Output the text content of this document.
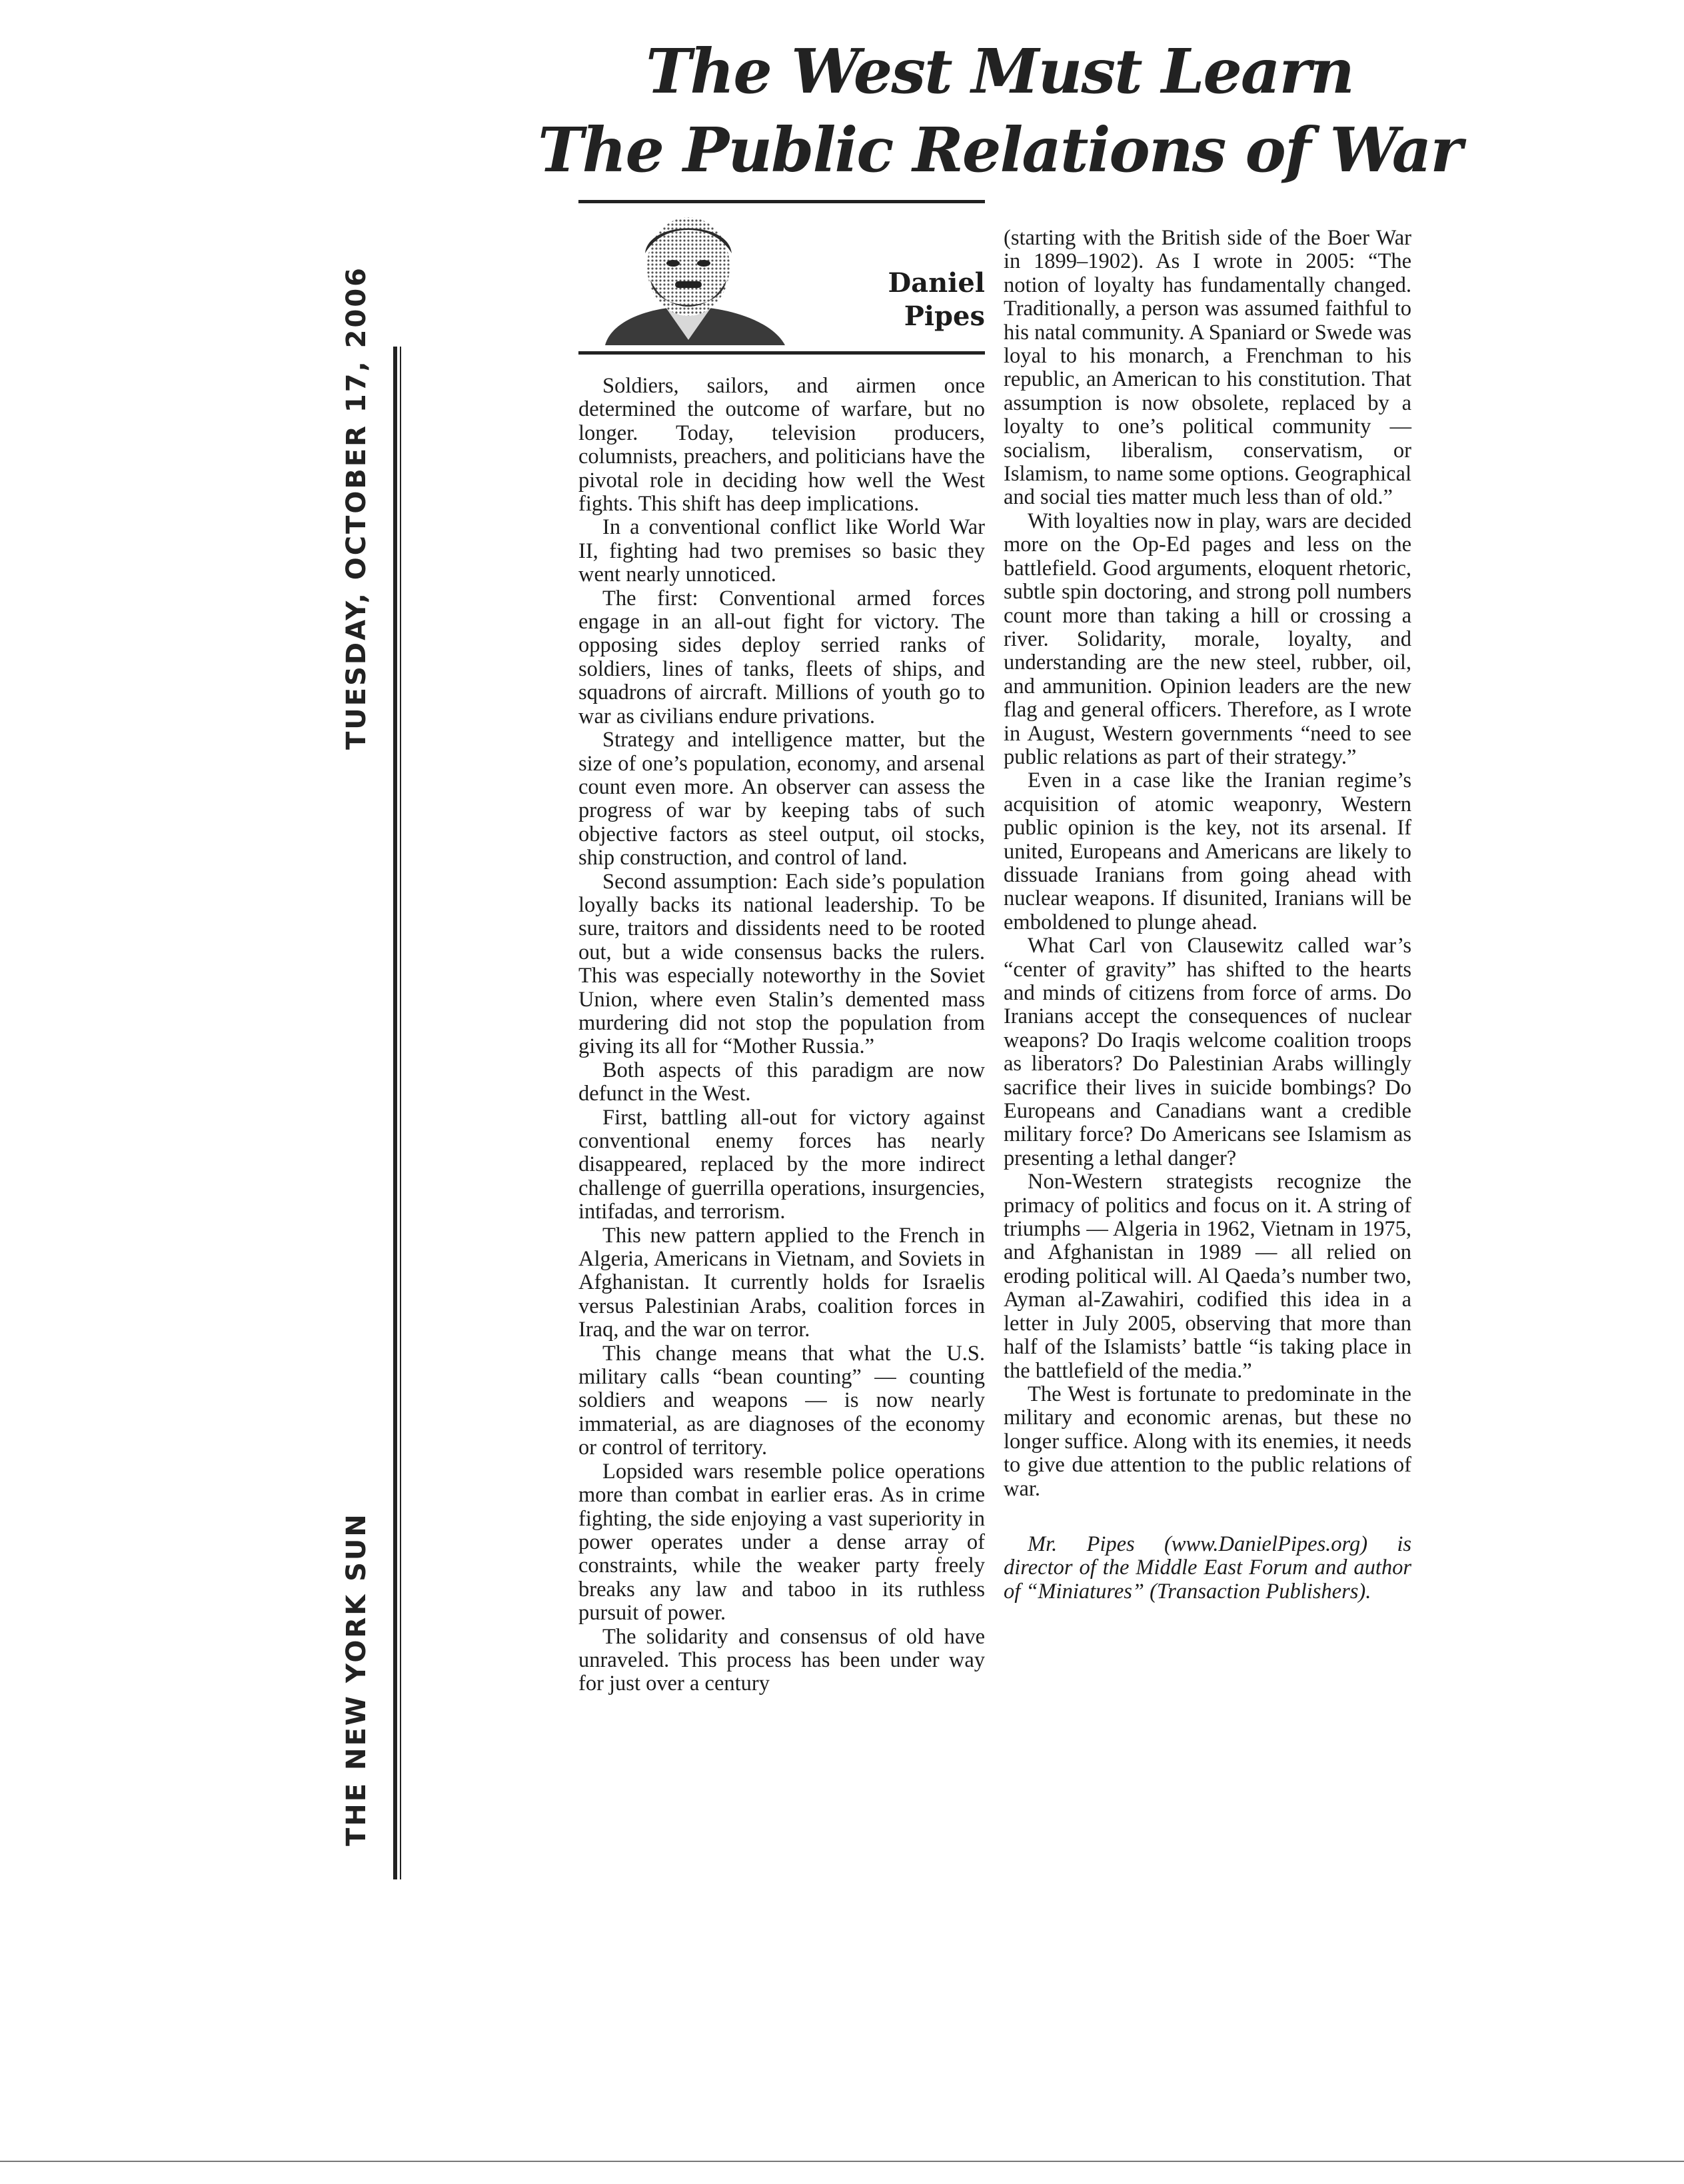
The West Must Learn
The Public Relations of War
TUESDAY, OCTOBER 17, 2006
THE NEW YORK SUN
Daniel
Pipes

Soldiers, sailors, and airmen once determined the outcome of warfare, but no longer. Today, television producers, columnists, preachers, and politicians have the pivotal role in deciding how well the West fights. This shift has deep implications.

In a conventional conflict like World War II, fighting had two premises so basic they went nearly unnoticed.

The first: Conventional armed forces engage in an all-out fight for victory. The opposing sides deploy serried ranks of soldiers, lines of tanks, fleets of ships, and squadrons of aircraft. Millions of youth go to war as civilians endure privations.

Strategy and intelligence matter, but the size of one’s population, economy, and arsenal count even more. An observer can assess the progress of war by keeping tabs of such objective factors as steel output, oil stocks, ship construction, and control of land.

Second assumption: Each side’s population loyally backs its national leadership. To be sure, traitors and dissidents need to be rooted out, but a wide consensus backs the rulers. This was especially noteworthy in the Soviet Union, where even Stalin’s demented mass murdering did not stop the population from giving its all for “Mother Russia.”

Both aspects of this paradigm are now defunct in the West.

First, battling all-out for victory against conventional enemy forces has nearly disappeared, replaced by the more indirect challenge of guerrilla operations, insurgencies, intifadas, and terrorism.

This new pattern applied to the French in Algeria, Americans in Vietnam, and Soviets in Afghanistan. It currently holds for Israelis versus Palestinian Arabs, coalition forces in Iraq, and the war on terror.

This change means that what the U.S. military calls “bean counting” — counting soldiers and weapons — is now nearly immaterial, as are diagnoses of the economy or control of territory.

Lopsided wars resemble police operations more than combat in earlier eras. As in crime fighting, the side enjoying a vast superiority in power operates under a dense array of constraints, while the weaker party freely breaks any law and taboo in its ruthless pursuit of power.

The solidarity and consensus of old have unraveled. This process has been under way for just over a century

(starting with the British side of the Boer War in 1899–1902). As I wrote in 2005: “The notion of loyalty has fundamentally changed. Traditionally, a person was assumed faithful to his natal community. A Spaniard or Swede was loyal to his monarch, a Frenchman to his republic, an American to his constitution. That assumption is now obsolete, replaced by a loyalty to one’s political community — socialism, liberalism, conservatism, or Islamism, to name some options. Geographical and social ties matter much less than of old.”

With loyalties now in play, wars are decided more on the Op-Ed pages and less on the battlefield. Good arguments, eloquent rhetoric, subtle spin doctoring, and strong poll numbers count more than taking a hill or crossing a river. Solidarity, morale, loyalty, and understanding are the new steel, rubber, oil, and ammunition. Opinion leaders are the new flag and general officers. Therefore, as I wrote in August, Western governments “need to see public relations as part of their strategy.”

Even in a case like the Iranian regime’s acquisition of atomic weaponry, Western public opinion is the key, not its arsenal. If united, Europeans and Americans are likely to dissuade Iranians from going ahead with nuclear weapons. If disunited, Iranians will be emboldened to plunge ahead.

What Carl von Clausewitz called war’s “center of gravity” has shifted to the hearts and minds of citizens from force of arms. Do Iranians accept the consequences of nuclear weapons? Do Iraqis welcome coalition troops as liberators? Do Palestinian Arabs willingly sacrifice their lives in suicide bombings? Do Europeans and Canadians want a credible military force? Do Americans see Islamism as presenting a lethal danger?

Non-Western strategists recognize the primacy of politics and focus on it. A string of triumphs — Algeria in 1962, Vietnam in 1975, and Afghanistan in 1989 — all relied on eroding political will. Al Qaeda’s number two, Ayman al-Zawahiri, codified this idea in a letter in July 2005, observing that more than half of the Islamists’ battle “is taking place in the battlefield of the media.”

The West is fortunate to predominate in the military and economic arenas, but these no longer suffice. Along with its enemies, it needs to give due attention to the public relations of war.

Mr. Pipes (www.DanielPipes.org) is director of the Middle East Forum and author of “Miniatures” (Transaction Publishers).
